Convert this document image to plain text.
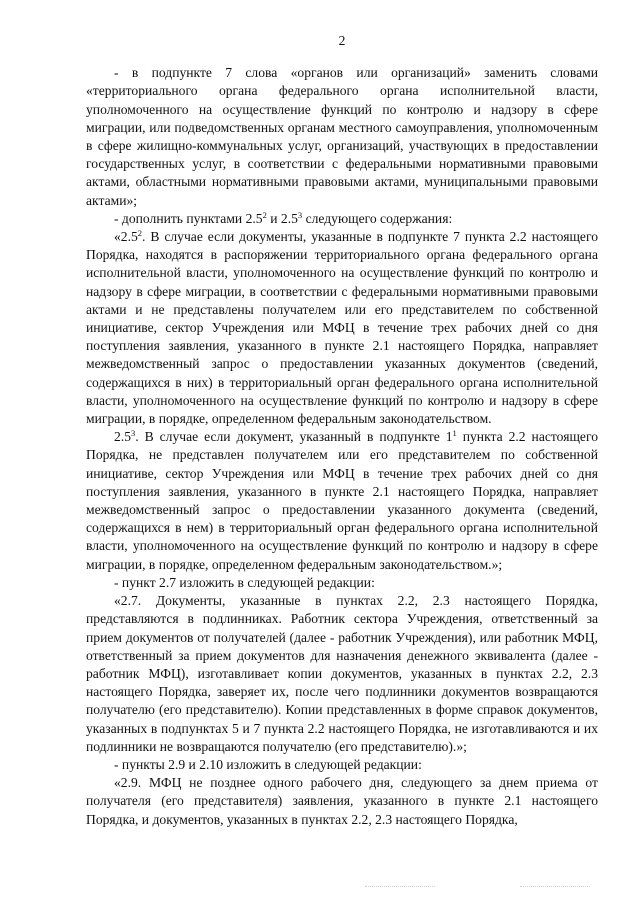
2

- в подпункте 7 слова «органов или организаций» заменить словами «территориального органа федерального органа исполнительной власти, уполномоченного на осуществление функций по контролю и надзору в сфере миграции, или подведомственных органам местного самоуправления, уполномоченным в сфере жилищно-коммунальных услуг, организаций, участвующих в предоставлении государственных услуг, в соответствии с федеральными нормативными правовыми актами, областными нормативными правовыми актами, муниципальными правовыми актами»;

- дополнить пунктами $2.5^2$ и $2.5^3$ следующего содержания:

«$2.5^2$. В случае если документы, указанные в подпункте 7 пункта 2.2 настоящего Порядка, находятся в распоряжении территориального органа федерального органа исполнительной власти, уполномоченного на осуществление функций по контролю и надзору в сфере миграции, в соответствии с федеральными нормативными правовыми актами и не представлены получателем или его представителем по собственной инициативе, сектор Учреждения или МФЦ в течение трех рабочих дней со дня поступления заявления, указанного в пункте 2.1 настоящего Порядка, направляет межведомственный запрос о предоставлении указанных документов (сведений, содержащихся в них) в территориальный орган федерального органа исполнительной власти, уполномоченного на осуществление функций по контролю и надзору в сфере миграции, в порядке, определенном федеральным законодательством.

$2.5^3$. В случае если документ, указанный в подпункте $1^1$ пункта 2.2 настоящего Порядка, не представлен получателем или его представителем по собственной инициативе, сектор Учреждения или МФЦ в течение трех рабочих дней со дня поступления заявления, указанного в пункте 2.1 настоящего Порядка, направляет межведомственный запрос о предоставлении указанного документа (сведений, содержащихся в нем) в территориальный орган федерального органа исполнительной власти, уполномоченного на осуществление функций по контролю и надзору в сфере миграции, в порядке, определенном федеральным законодательством.»;

- пункт 2.7 изложить в следующей редакции:

«2.7. Документы, указанные в пунктах 2.2, 2.3 настоящего Порядка, представляются в подлинниках. Работник сектора Учреждения, ответственный за прием документов от получателей (далее - работник Учреждения), или работник МФЦ, ответственный за прием документов для назначения денежного эквивалента (далее - работник МФЦ), изготавливает копии документов, указанных в пунктах 2.2, 2.3 настоящего Порядка, заверяет их, после чего подлинники документов возвращаются получателю (его представителю). Копии представленных в форме справок документов, указанных в подпунктах 5 и 7 пункта 2.2 настоящего Порядка, не изготавливаются и их подлинники не возвращаются получателю (его представителю).»;

- пункты 2.9 и 2.10 изложить в следующей редакции:

«2.9. МФЦ не позднее одного рабочего дня, следующего за днем приема от получателя (его представителя) заявления, указанного в пункте 2.1 настоящего Порядка, и документов, указанных в пунктах 2.2, 2.3 настоящего Порядка,
